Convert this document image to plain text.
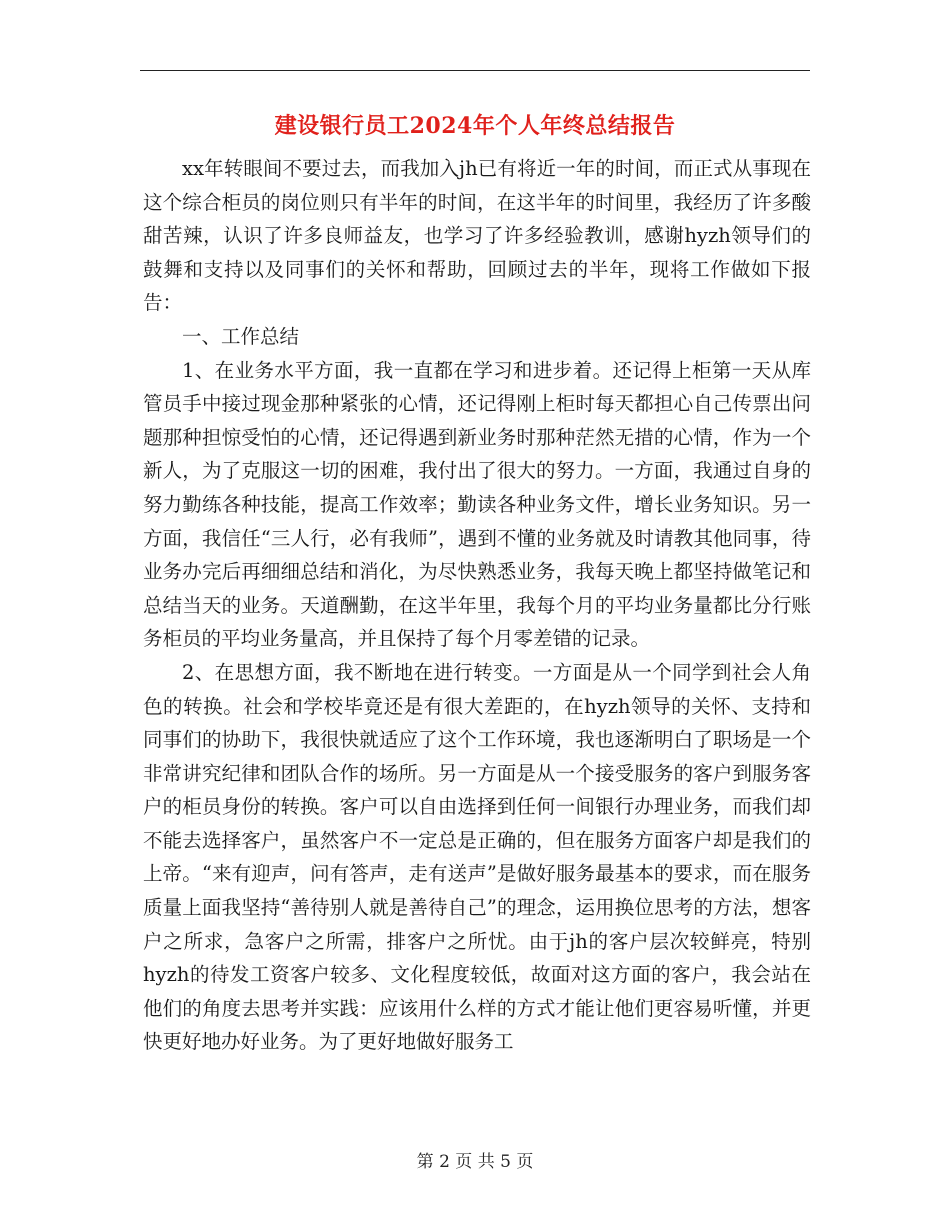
建设银行员工2024年个人年终总结报告

xx年转眼间不要过去，而我加入jh已有将近一年的时间，而正式从事现在这个综合柜员的岗位则只有半年的时间，在这半年的时间里，我经历了许多酸甜苦辣，认识了许多良师益友，也学习了许多经验教训，感谢hyzh领导们的鼓舞和支持以及同事们的关怀和帮助，回顾过去的半年，现将工作做如下报告：

一、工作总结

1、在业务水平方面，我一直都在学习和进步着。还记得上柜第一天从库管员手中接过现金那种紧张的心情，还记得刚上柜时每天都担心自己传票出问题那种担惊受怕的心情，还记得遇到新业务时那种茫然无措的心情，作为一个新人，为了克服这一切的困难，我付出了很大的努力。一方面，我通过自身的努力勤练各种技能，提高工作效率；勤读各种业务文件，增长业务知识。另一方面，我信任“三人行，必有我师”，遇到不懂的业务就及时请教其他同事，待业务办完后再细细总结和消化，为尽快熟悉业务，我每天晚上都坚持做笔记和总结当天的业务。天道酬勤，在这半年里，我每个月的平均业务量都比分行账务柜员的平均业务量高，并且保持了每个月零差错的记录。

2、在思想方面，我不断地在进行转变。一方面是从一个同学到社会人角色的转换。社会和学校毕竟还是有很大差距的，在hyzh领导的关怀、支持和同事们的协助下，我很快就适应了这个工作环境，我也逐渐明白了职场是一个非常讲究纪律和团队合作的场所。另一方面是从一个接受服务的客户到服务客户的柜员身份的转换。客户可以自由选择到任何一间银行办理业务，而我们却不能去选择客户，虽然客户不一定总是正确的，但在服务方面客户却是我们的上帝。“来有迎声，问有答声，走有送声”是做好服务最基本的要求，而在服务质量上面我坚持“善待别人就是善待自己”的理念，运用换位思考的方法，想客户之所求，急客户之所需，排客户之所忧。由于jh的客户层次较鲜亮，特别hyzh的待发工资客户较多、文化程度较低，故面对这方面的客户，我会站在他们的角度去思考并实践：应该用什么样的方式才能让他们更容易听懂，并更快更好地办好业务。为了更好地做好服务工

第 2 页 共 5 页
